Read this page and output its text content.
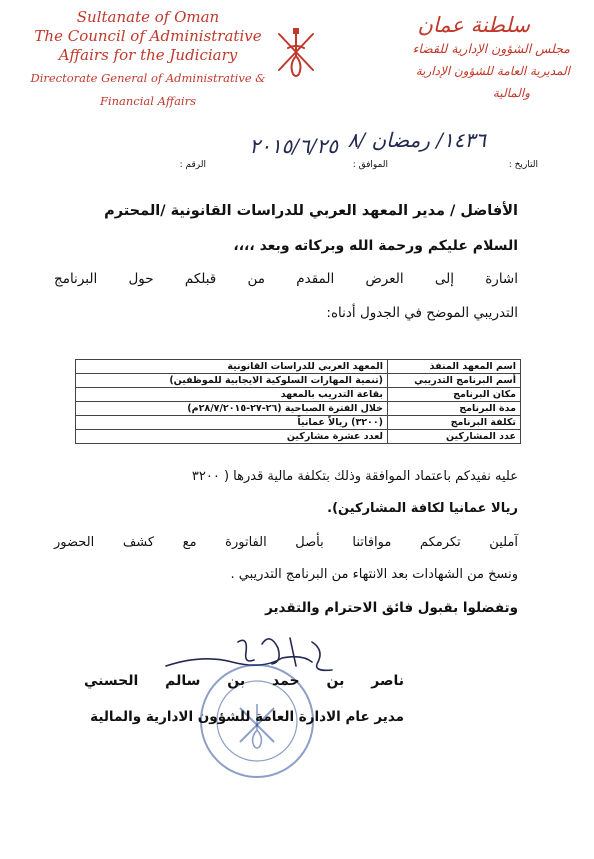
Sultanate of Oman
The Council of Administrative
Affairs for the Judiciary
Directorate General of Administrative &
Financial Affairs
سلطنة عمان
مجلس الشؤون الإدارية للقضاء
المديرية العامة للشؤون الإدارية
والمالية
التاريخ :
١٤٣٦/ رمضان /٨
الموافق :
٢٠١٥/٦/٢٥
الرقم :
الأفاضل / مدير المعهد العربي للدراسات القانونية /المحترم
السلام عليكم ورحمة الله وبركاته وبعد ،،،،
اشارة إلى العرض المقدم من قبلكم حول البرنامج
التدريبي الموضح في الجدول أدناه:
اسم المعهد المنفذ	المعهد العربي للدراسات القانونية
أسم البرنامج التدريبي	(تنمية المهارات السلوكية الايجابية للموظفين)
مكان البرنامج	بقاعة التدريب بالمعهد
مدة البرنامج	خلال الفترة الصباحية (٢٦-٢٧-٢٨/٧/٢٠١٥م)
تكلفة البرنامج	(٣٢٠٠) ريالاً عمانياً
عدد المشاركين	لعدد عشرة مشاركين
عليه نفيدكم باعتماد الموافقة وذلك بتكلفة مالية قدرها ( ٣٢٠٠
ريالا عمانيا لكافة المشاركين).
آملين تكرمكم موافاتنا بأصل الفاتورة مع كشف الحضور
ونسخ من الشهادات بعد الانتهاء من البرنامج التدريبي .
وتفضلوا بقبول فائق الاحترام والتقدير
ناصر بن حمد بن سالم الحسني
مدير عام الادارة العامة للشؤون الادارية والمالية
